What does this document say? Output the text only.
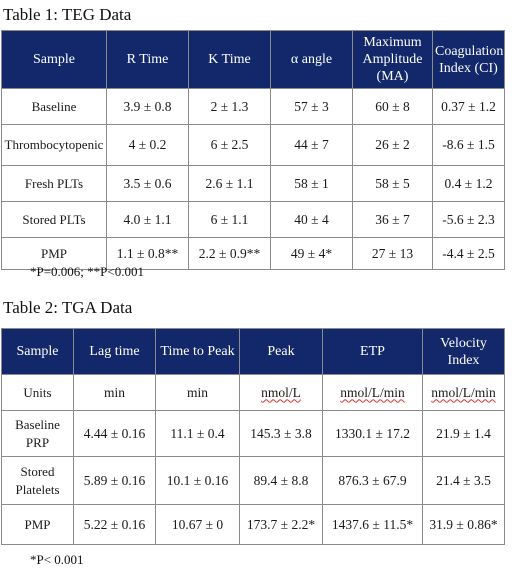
Table 1: TEG Data
Sample	R Time	K Time	α angle	Maximum Amplitude (MA)	Coagulation Index (CI)
Baseline	3.9 ± 0.8	2 ± 1.3	57 ± 3	60 ± 8	0.37 ± 1.2
Thrombocytopenic	4 ± 0.2	6 ± 2.5	44 ± 7	26 ± 2	-8.6 ± 1.5
Fresh PLTs	3.5 ± 0.6	2.6 ± 1.1	58 ± 1	58 ± 5	0.4 ± 1.2
Stored PLTs	4.0 ± 1.1	6 ± 1.1	40 ± 4	36 ± 7	-5.6 ± 2.3
PMP	1.1 ± 0.8**	2.2 ± 0.9**	49 ± 4*	27 ± 13	-4.4 ± 2.5
*P=0.006; **P<0.001
Table 2: TGA Data
Sample	Lag time	Time to Peak	Peak	ETP	Velocity Index
Units	min	min	nmol/L	nmol/L/min	nmol/L/min
Baseline PRP	4.44 ± 0.16	11.1 ± 0.4	145.3 ± 3.8	1330.1 ± 17.2	21.9 ± 1.4
Stored Platelets	5.89 ± 0.16	10.1 ± 0.16	89.4 ± 8.8	876.3 ± 67.9	21.4 ± 3.5
PMP	5.22 ± 0.16	10.67 ± 0	173.7 ± 2.2*	1437.6 ± 11.5*	31.9 ± 0.86*
*P< 0.001
